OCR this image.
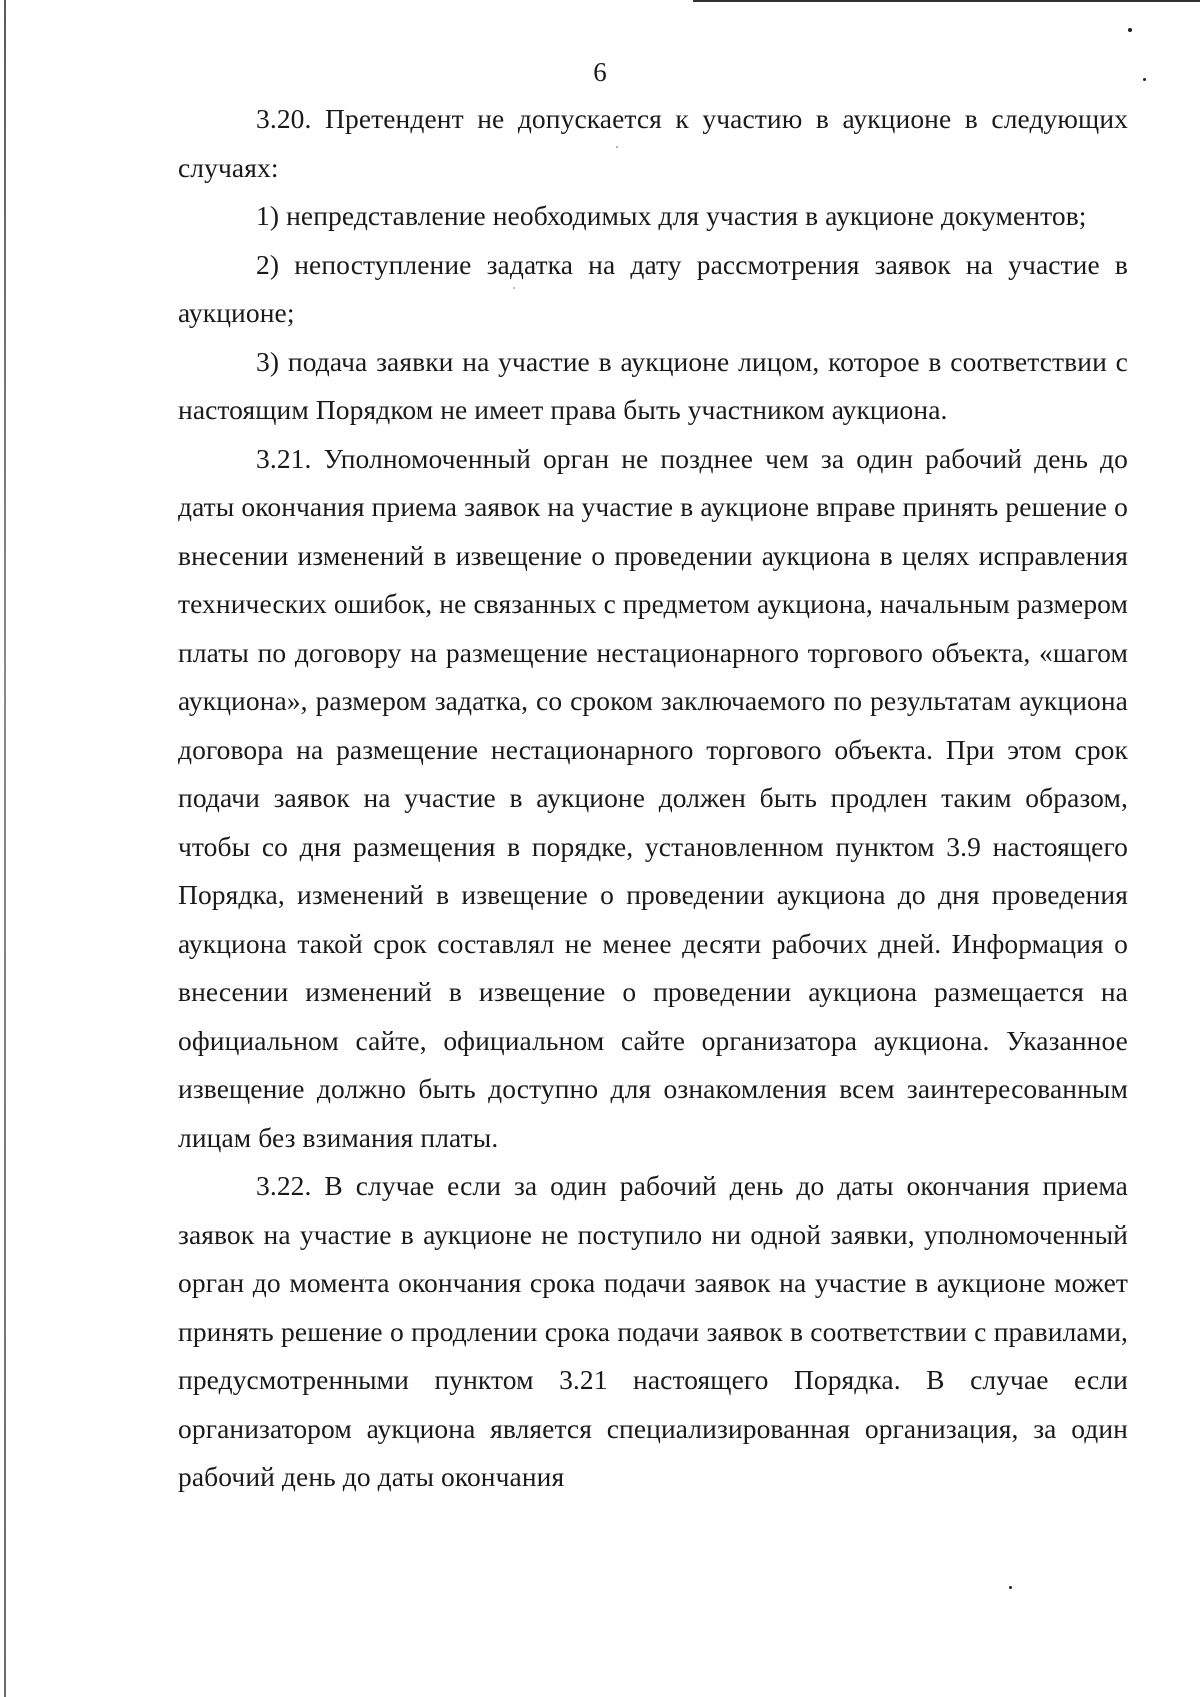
6

3.20. Претендент не допускается к участию в аукционе в следующих случаях:

1) непредставление необходимых для участия в аукционе документов;

2) непоступление задатка на дату рассмотрения заявок на участие в аукционе;

3) подача заявки на участие в аукционе лицом, которое в соответствии с настоящим Порядком не имеет права быть участником аукциона.

3.21. Уполномоченный орган не позднее чем за один рабочий день до даты окончания приема заявок на участие в аукционе вправе принять решение о внесении изменений в извещение о проведении аукциона в целях исправления технических ошибок, не связанных с предметом аукциона, начальным размером платы по договору на размещение нестационарного торгового объекта, «шагом аукциона», размером задатка, со сроком заключаемого по результатам аукциона договора на размещение нестационарного торгового объекта. При этом срок подачи заявок на участие в аукционе должен быть продлен таким образом, чтобы со дня размещения в порядке, установленном пунктом 3.9 настоящего Порядка, изменений в извещение о проведении аукциона до дня проведения аукциона такой срок составлял не менее десяти рабочих дней. Информация о внесении изменений в извещение о проведении аукциона размещается на официальном сайте, официальном сайте организатора аукциона. Указанное извещение должно быть доступно для ознакомления всем заинтересованным лицам без взимания платы.

3.22. В случае если за один рабочий день до даты окончания приема заявок на участие в аукционе не поступило ни одной заявки, уполномоченный орган до момента окончания срока подачи заявок на участие в аукционе может принять решение о продлении срока подачи заявок в соответствии с правилами, предусмотренными пунктом 3.21 настоящего Порядка. В случае если организатором аукциона является специализированная организация, за один рабочий день до даты окончания
